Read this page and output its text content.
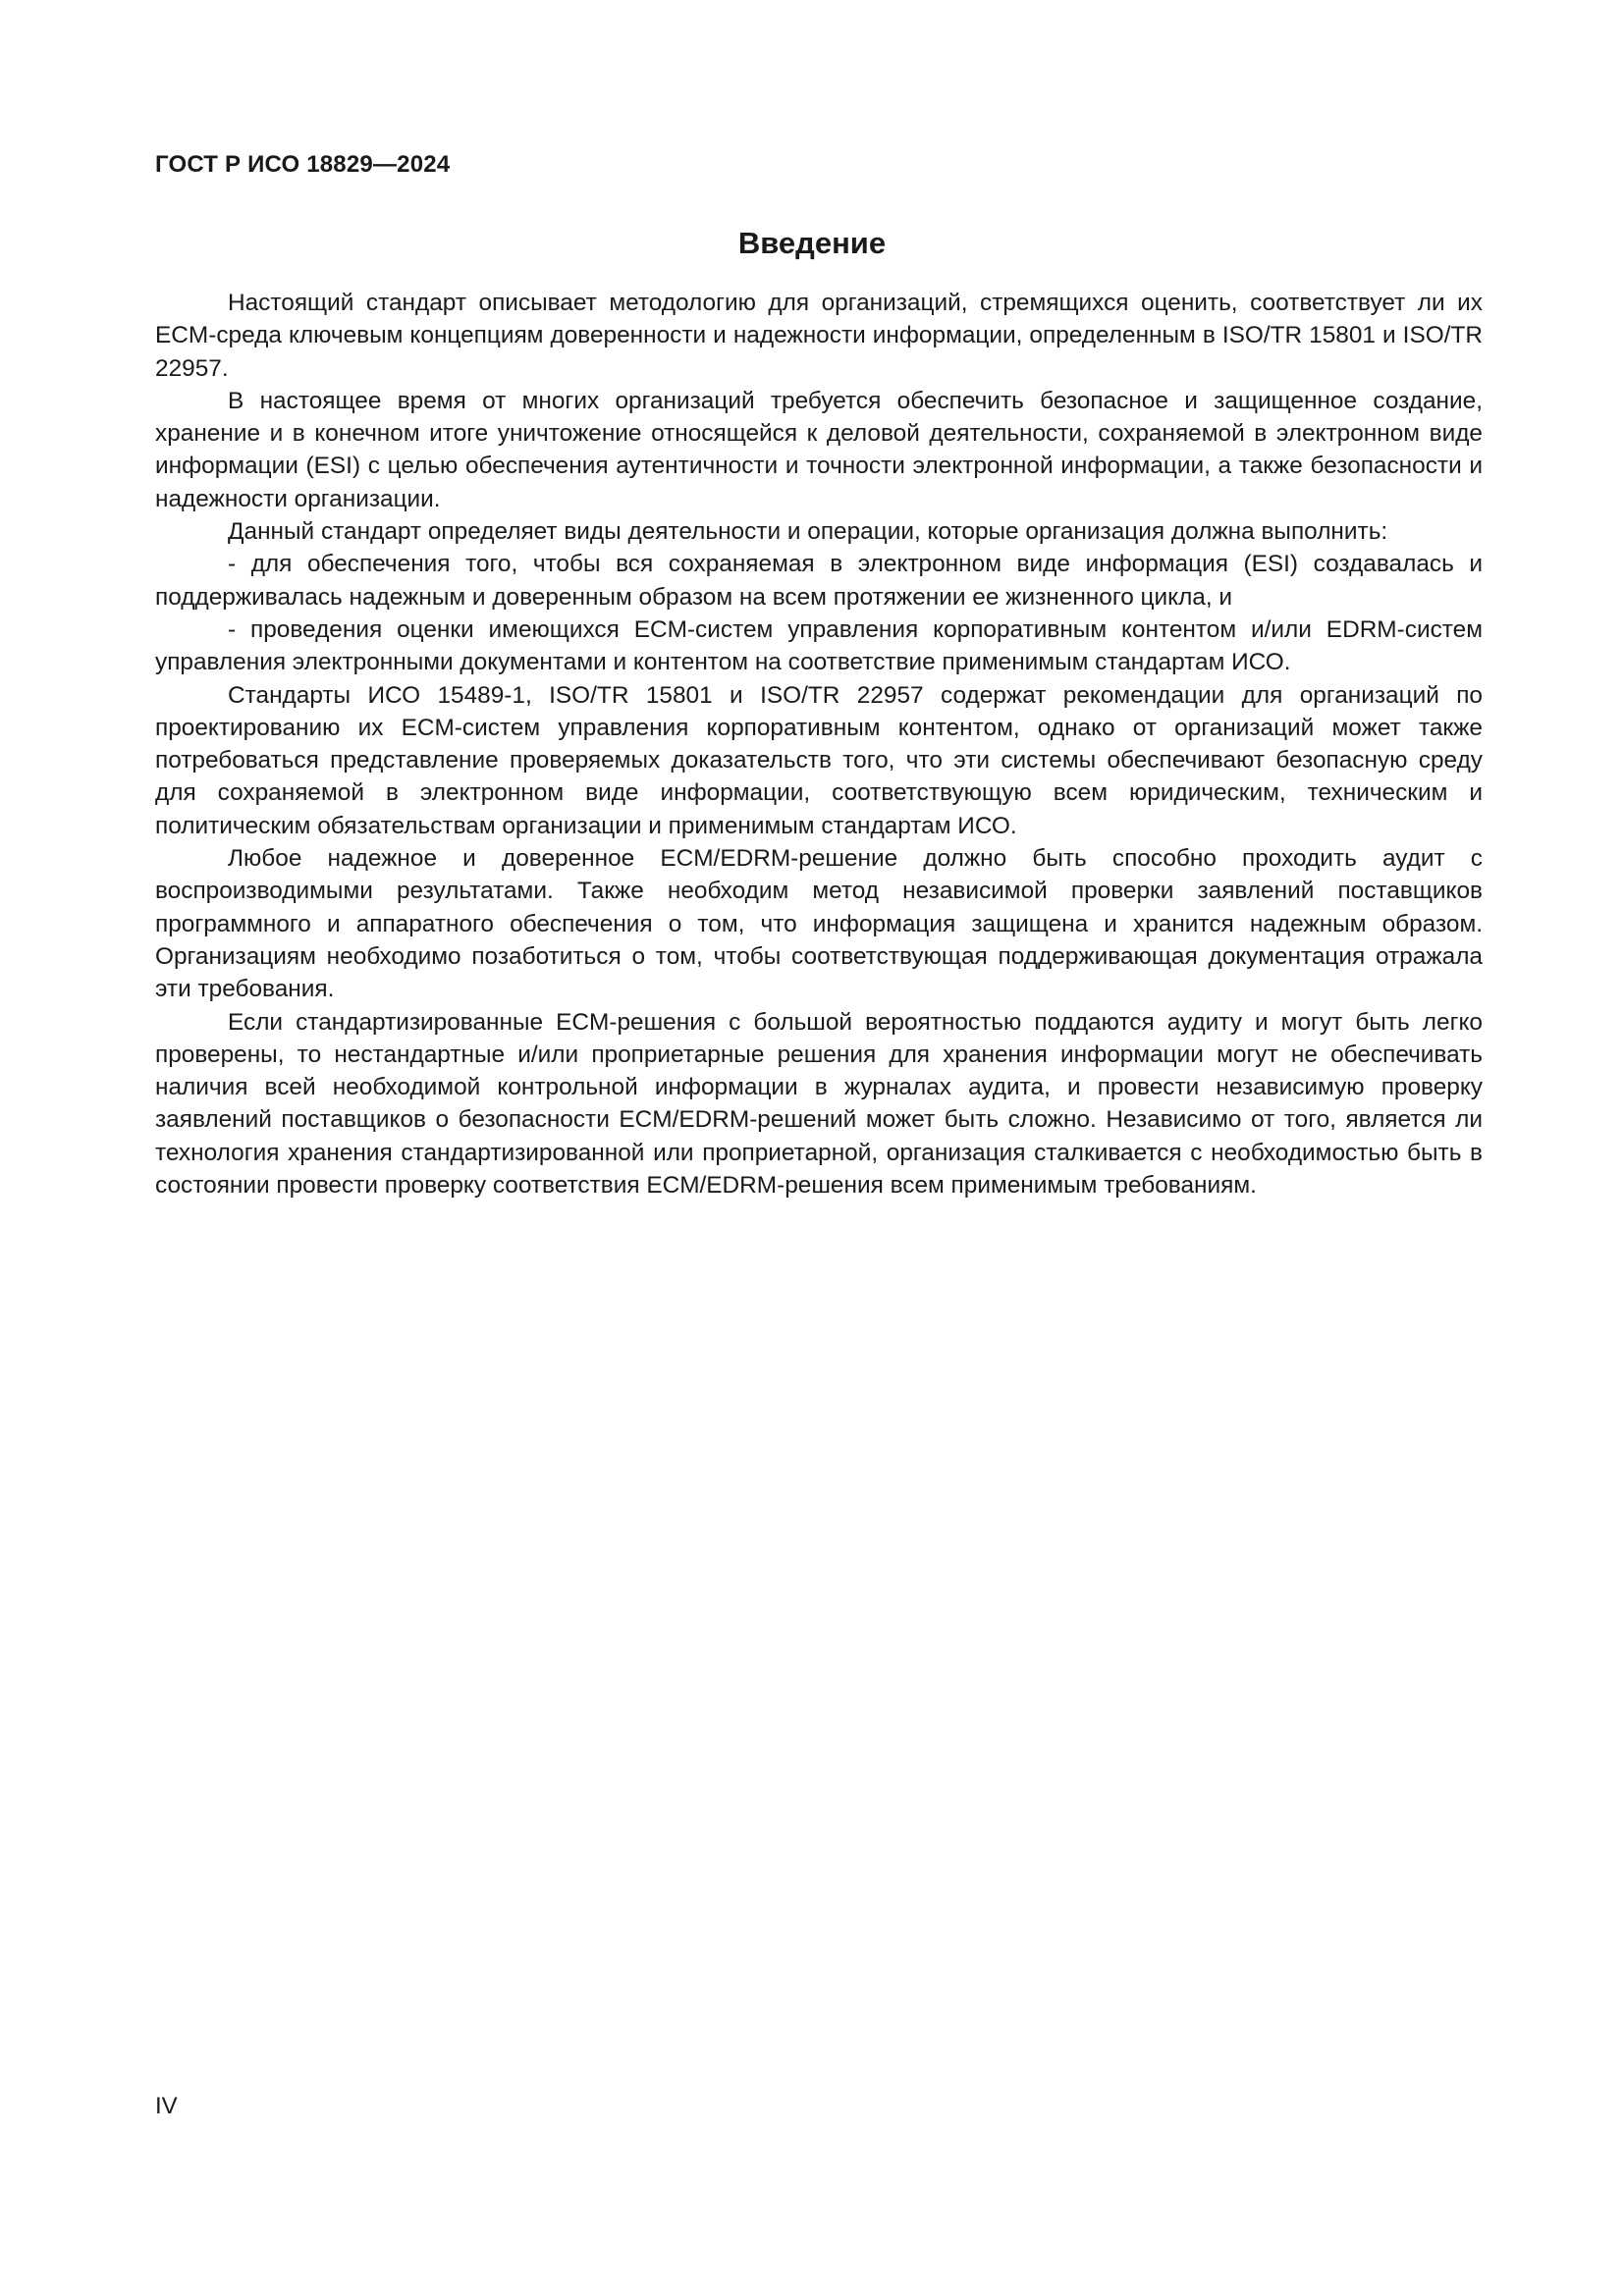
ГОСТ Р ИСО 18829—2024
Введение

Настоящий стандарт описывает методологию для организаций, стремящихся оценить, соответствует ли их ECM-среда ключевым концепциям доверенности и надежности информации, определенным в ISO/TR 15801 и ISO/TR 22957.

В настоящее время от многих организаций требуется обеспечить безопасное и защищенное создание, хранение и в конечном итоге уничтожение относящейся к деловой деятельности, сохраняемой в электронном виде информации (ESI) с целью обеспечения аутентичности и точности электронной информации, а также безопасности и надежности организации.

Данный стандарт определяет виды деятельности и операции, которые организация должна выполнить:

- для обеспечения того, чтобы вся сохраняемая в электронном виде информация (ESI) создавалась и поддерживалась надежным и доверенным образом на всем протяжении ее жизненного цикла, и

- проведения оценки имеющихся ECM-систем управления корпоративным контентом и/или EDRM-систем управления электронными документами и контентом на соответствие применимым стандартам ИСО.

Стандарты ИСО 15489-1, ISO/TR 15801 и ISO/TR 22957 содержат рекомендации для организаций по проектированию их ECM-систем управления корпоративным контентом, однако от организаций может также потребоваться представление проверяемых доказательств того, что эти системы обеспечивают безопасную среду для сохраняемой в электронном виде информации, соответствующую всем юридическим, техническим и политическим обязательствам организации и применимым стандартам ИСО.

Любое надежное и доверенное ECM/EDRM-решение должно быть способно проходить аудит с воспроизводимыми результатами. Также необходим метод независимой проверки заявлений поставщиков программного и аппаратного обеспечения о том, что информация защищена и хранится надежным образом. Организациям необходимо позаботиться о том, чтобы соответствующая поддерживающая документация отражала эти требования.

Если стандартизированные ECM-решения с большой вероятностью поддаются аудиту и могут быть легко проверены, то нестандартные и/или проприетарные решения для хранения информации могут не обеспечивать наличия всей необходимой контрольной информации в журналах аудита, и провести независимую проверку заявлений поставщиков о безопасности ECM/EDRM-решений может быть сложно. Независимо от того, является ли технология хранения стандартизированной или проприетарной, организация сталкивается с необходимостью быть в состоянии провести проверку соответствия ECM/EDRM-решения всем применимым требованиям.

IV
